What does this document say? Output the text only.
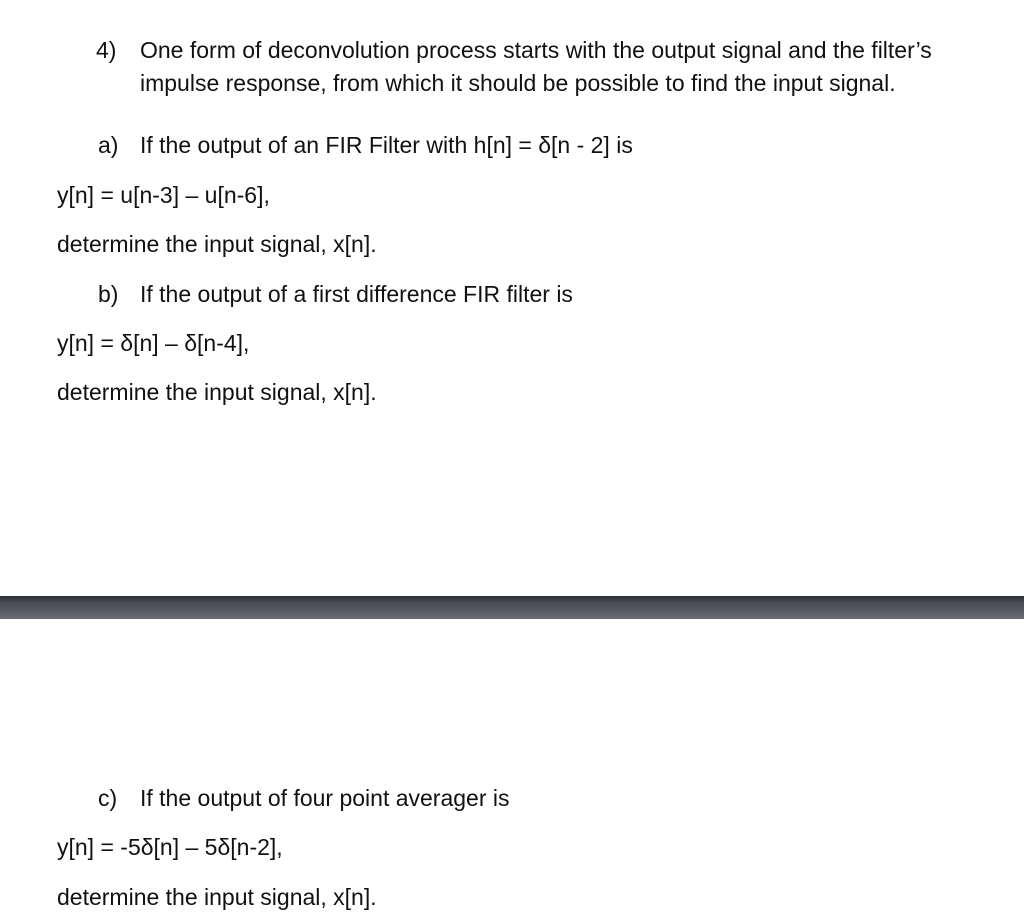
4) One form of deconvolution process starts with the output signal and the filter’s
impulse response, from which it should be possible to find the input signal.
a) If the output of an FIR Filter with h[n] = δ[n - 2] is
y[n] = u[n-3] – u[n-6],
determine the input signal, x[n].
b) If the output of a first difference FIR filter is
y[n] = δ[n] – δ[n-4],
determine the input signal, x[n].
c) If the output of four point averager is
y[n] = -5δ[n] – 5δ[n-2],
determine the input signal, x[n].
